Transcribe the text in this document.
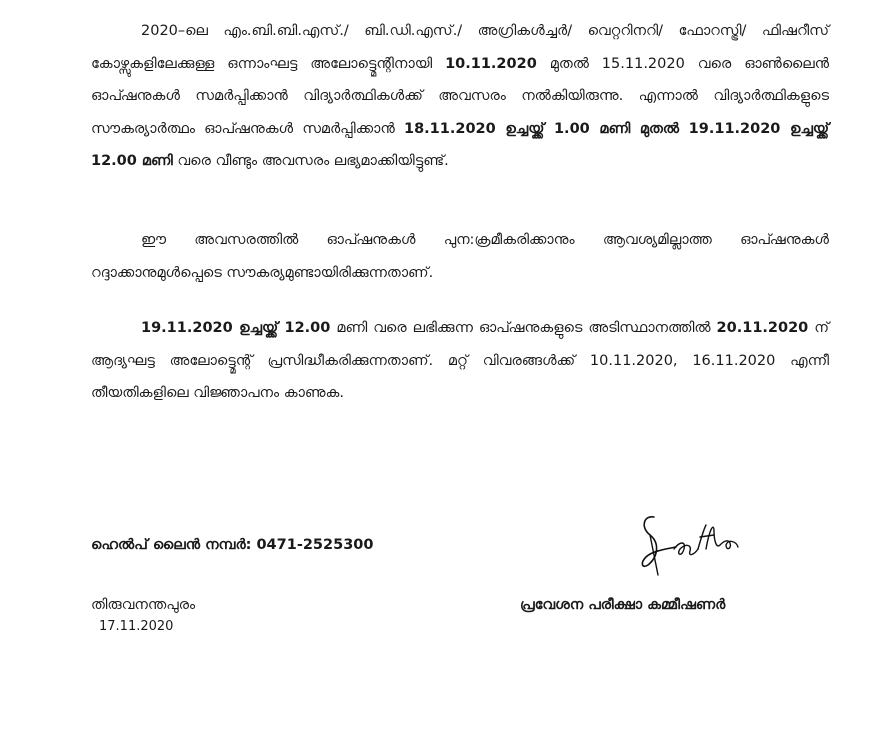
2020–ലെ എം.ബി.ബി.എസ്./ ബി.ഡി.എസ്./ അഗ്രികൾച്ചർ/ വെറ്ററിനറി/ ഫോറസ്ട്രി/ ഫിഷറീസ് കോഴ്സുകളിലേക്കുള്ള ഒന്നാംഘട്ട അലോട്ട്മെന്റിനായി 10.11.2020 മുതൽ 15.11.2020 വരെ ഓൺലൈൻ ഓപ്ഷനുകൾ സമർപ്പിക്കാൻ വിദ്യാർത്ഥികൾക്ക് അവസരം നൽകിയിരുന്നു. എന്നാൽ വിദ്യാർത്ഥികളുടെ സൗകര്യാർത്ഥം ഓപ്ഷനുകൾ സമർപ്പിക്കാൻ 18.11.2020 ഉച്ചയ്ക്ക് 1.00 മണി മുതൽ 19.11.2020 ഉച്ചയ്ക്ക് 12.00 മണി വരെ വീണ്ടും അവസരം ലഭ്യമാക്കിയിട്ടുണ്ട്.

ഈ അവസരത്തിൽ ഓപ്ഷനുകൾ പുന:ക്രമീകരിക്കാനും ആവശ്യമില്ലാത്ത ഓപ്ഷനുകൾ റദ്ദാക്കാനുമുൾപ്പെടെ സൗകര്യമുണ്ടായിരിക്കുന്നതാണ്.

19.11.2020 ഉച്ചയ്ക്ക് 12.00 മണി വരെ ലഭിക്കുന്ന ഓപ്ഷനുകളുടെ അടിസ്ഥാനത്തിൽ 20.11.2020 ന് ആദ്യഘട്ട അലോട്ട്മെന്റ് പ്രസിദ്ധീകരിക്കുന്നതാണ്. മറ്റ് വിവരങ്ങൾക്ക് 10.11.2020, 16.11.2020 എന്നീ തീയതികളിലെ വിജ്ഞാപനം കാണുക.

ഹെൽപ് ലൈൻ നമ്പർ: 0471-2525300

തിരുവനന്തപുരം

17.11.2020

പ്രവേശന പരീക്ഷാ കമ്മീഷണർ
